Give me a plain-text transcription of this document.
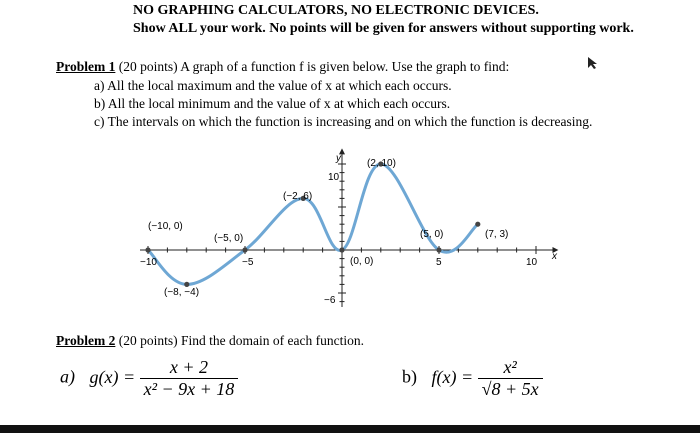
NO GRAPHING CALCULATORS, NO ELECTRONIC DEVICES.
Show ALL your work. No points will be given for answers without supporting work.
Problem 1 (20 points) A graph of a function f is given below. Use the graph to find:
a) All the local maximum and the value of x at which each occurs.
b) All the local minimum and the value of x at which each occurs.
c) The intervals on which the function is increasing and on which the function is decreasing.
(−10, 0)
(−8, −4)
(−5, 0)
(−2, 6)
(0, 0)
(2, 10)
(5, 0)	(7, 3)
−10	−5	5	10
10
−6
x
y
Problem 2 (20 points) Find the domain of each function.
a) $g(x) = \frac{x + 2}{\text{x² − 9x + 18}}$	b) $f(x) = \frac{\text{x²}}{√8 + 5x}$
